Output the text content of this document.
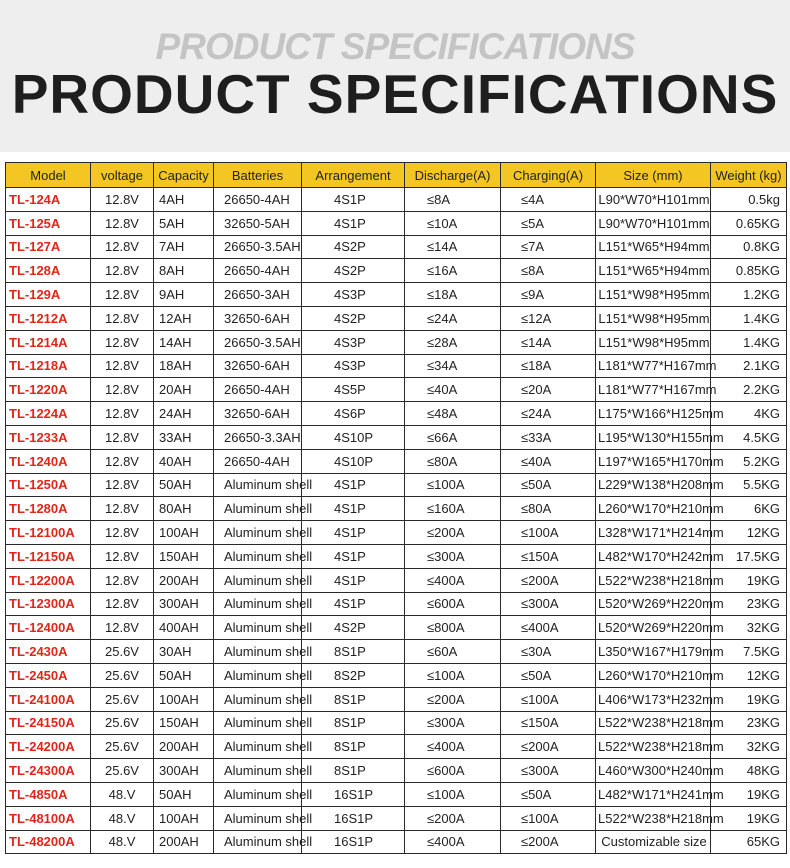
PRODUCT SPECIFICATIONS
PRODUCT SPECIFICATIONS
Model	voltage	Capacity	Batteries	Arrangement	Discharge(A)	Charging(A)	Size (mm)	Weight (kg)
TL-124A	12.8V	4AH	26650-4AH	4S1P	≤8A	≤4A	L90*W70*H101mm	0.5kg
TL-125A	12.8V	5AH	32650-5AH	4S1P	≤10A	≤5A	L90*W70*H101mm	0.65KG
TL-127A	12.8V	7AH	26650-3.5AH	4S2P	≤14A	≤7A	L151*W65*H94mm	0.8KG
TL-128A	12.8V	8AH	26650-4AH	4S2P	≤16A	≤8A	L151*W65*H94mm	0.85KG
TL-129A	12.8V	9AH	26650-3AH	4S3P	≤18A	≤9A	L151*W98*H95mm	1.2KG
TL-1212A	12.8V	12AH	32650-6AH	4S2P	≤24A	≤12A	L151*W98*H95mm	1.4KG
TL-1214A	12.8V	14AH	26650-3.5AH	4S3P	≤28A	≤14A	L151*W98*H95mm	1.4KG
TL-1218A	12.8V	18AH	32650-6AH	4S3P	≤34A	≤18A	L181*W77*H167mm	2.1KG
TL-1220A	12.8V	20AH	26650-4AH	4S5P	≤40A	≤20A	L181*W77*H167mm	2.2KG
TL-1224A	12.8V	24AH	32650-6AH	4S6P	≤48A	≤24A	L175*W166*H125mm	4KG
TL-1233A	12.8V	33AH	26650-3.3AH	4S10P	≤66A	≤33A	L195*W130*H155mm	4.5KG
TL-1240A	12.8V	40AH	26650-4AH	4S10P	≤80A	≤40A	L197*W165*H170mm	5.2KG
TL-1250A	12.8V	50AH	Aluminum shell	4S1P	≤100A	≤50A	L229*W138*H208mm	5.5KG
TL-1280A	12.8V	80AH	Aluminum shell	4S1P	≤160A	≤80A	L260*W170*H210mm	6KG
TL-12100A	12.8V	100AH	Aluminum shell	4S1P	≤200A	≤100A	L328*W171*H214mm	12KG
TL-12150A	12.8V	150AH	Aluminum shell	4S1P	≤300A	≤150A	L482*W170*H242mm	17.5KG
TL-12200A	12.8V	200AH	Aluminum shell	4S1P	≤400A	≤200A	L522*W238*H218mm	19KG
TL-12300A	12.8V	300AH	Aluminum shell	4S1P	≤600A	≤300A	L520*W269*H220mm	23KG
TL-12400A	12.8V	400AH	Aluminum shell	4S2P	≤800A	≤400A	L520*W269*H220mm	32KG
TL-2430A	25.6V	30AH	Aluminum shell	8S1P	≤60A	≤30A	L350*W167*H179mm	7.5KG
TL-2450A	25.6V	50AH	Aluminum shell	8S2P	≤100A	≤50A	L260*W170*H210mm	12KG
TL-24100A	25.6V	100AH	Aluminum shell	8S1P	≤200A	≤100A	L406*W173*H232mm	19KG
TL-24150A	25.6V	150AH	Aluminum shell	8S1P	≤300A	≤150A	L522*W238*H218mm	23KG
TL-24200A	25.6V	200AH	Aluminum shell	8S1P	≤400A	≤200A	L522*W238*H218mm	32KG
TL-24300A	25.6V	300AH	Aluminum shell	8S1P	≤600A	≤300A	L460*W300*H240mm	48KG
TL-4850A	48.V	50AH	Aluminum shell	16S1P	≤100A	≤50A	L482*W171*H241mm	19KG
TL-48100A	48.V	100AH	Aluminum shell	16S1P	≤200A	≤100A	L522*W238*H218mm	19KG
TL-48200A	48.V	200AH	Aluminum shell	16S1P	≤400A	≤200A	Customizable size	65KG
